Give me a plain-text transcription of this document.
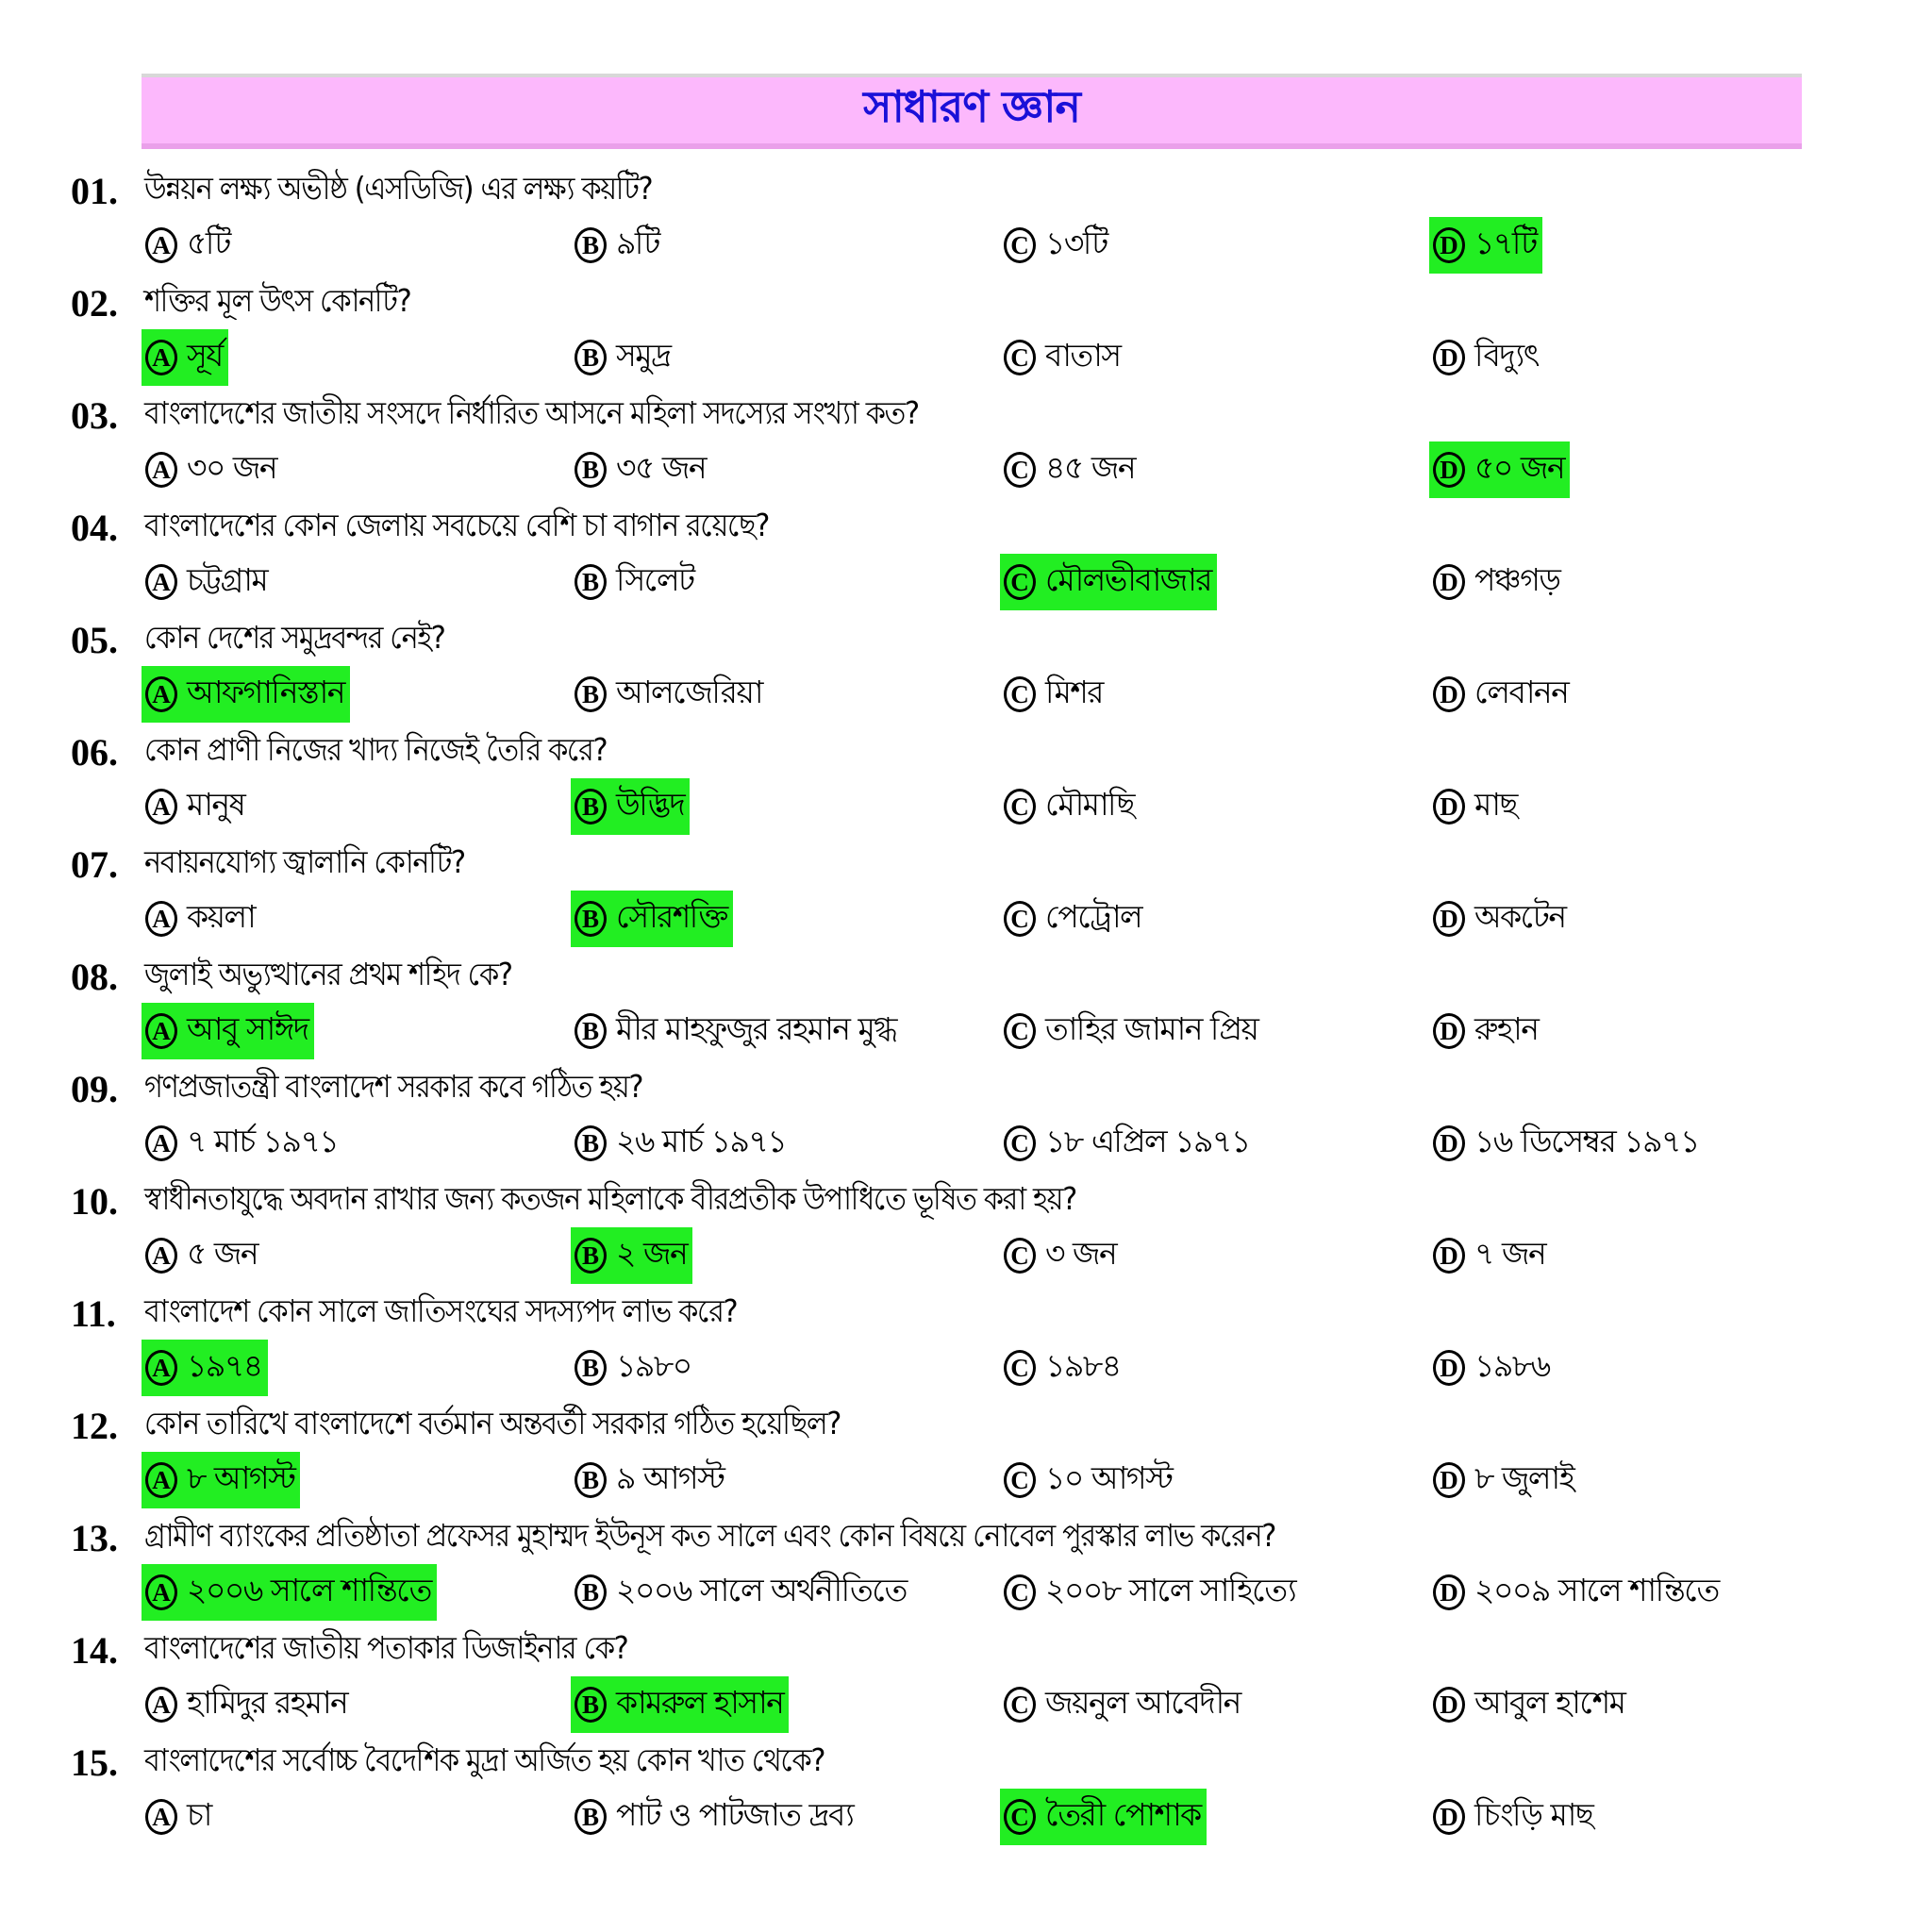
সাধারণ জ্ঞান
01. উন্নয়ন লক্ষ্য অভীষ্ঠ (এসডিজি) এর লক্ষ্য কয়টি?
A ৫টি	B ৯টি	C ১৩টি	D ১৭টি
02. শক্তির মূল উৎস কোনটি?
A সূর্য	B সমুদ্র	C বাতাস	D বিদ্যুৎ
03. বাংলাদেশের জাতীয় সংসদে নির্ধারিত আসনে মহিলা সদস্যের সংখ্যা কত?
A ৩০ জন	B ৩৫ জন	C ৪৫ জন	D ৫০ জন
04. বাংলাদেশের কোন জেলায় সবচেয়ে বেশি চা বাগান রয়েছে?
A চট্টগ্রাম	B সিলেট	C মৌলভীবাজার	D পঞ্চগড়
05. কোন দেশের সমুদ্রবন্দর নেই?
A আফগানিস্তান	B আলজেরিয়া	C মিশর	D লেবানন
06. কোন প্রাণী নিজের খাদ্য নিজেই তৈরি করে?
A মানুষ	B উদ্ভিদ	C মৌমাছি	D মাছ
07. নবায়নযোগ্য জ্বালানি কোনটি?
A কয়লা	B সৌরশক্তি	C পেট্রোল	D অকটেন
08. জুলাই অভ্যুত্থানের প্রথম শহিদ কে?
A আবু সাঈদ	B মীর মাহফুজুর রহমান মুগ্ধ	C তাহির জামান প্রিয়	D রুহান
09. গণপ্রজাতন্ত্রী বাংলাদেশ সরকার কবে গঠিত হয়?
A ৭ মার্চ ১৯৭১	B ২৬ মার্চ ১৯৭১	C ১৮ এপ্রিল ১৯৭১	D ১৬ ডিসেম্বর ১৯৭১
10. স্বাধীনতাযুদ্ধে অবদান রাখার জন্য কতজন মহিলাকে বীরপ্রতীক উপাধিতে ভূষিত করা হয়?
A ৫ জন	B ২ জন	C ৩ জন	D ৭ জন
11. বাংলাদেশ কোন সালে জাতিসংঘের সদস্যপদ লাভ করে?
A ১৯৭৪	B ১৯৮০	C ১৯৮৪	D ১৯৮৬
12. কোন তারিখে বাংলাদেশে বর্তমান অন্তবর্তী সরকার গঠিত হয়েছিল?
A ৮ আগস্ট	B ৯ আগস্ট	C ১০ আগস্ট	D ৮ জুলাই
13. গ্রামীণ ব্যাংকের প্রতিষ্ঠাতা প্রফেসর মুহাম্মদ ইউনূস কত সালে এবং কোন বিষয়ে নোবেল পুরস্কার লাভ করেন?
A ২০০৬ সালে শান্তিতে	B ২০০৬ সালে অর্থনীতিতে	C ২০০৮ সালে সাহিত্যে	D ২০০৯ সালে শান্তিতে
14. বাংলাদেশের জাতীয় পতাকার ডিজাইনার কে?
A হামিদুর রহমান	B কামরুল হাসান	C জয়নুল আবেদীন	D আবুল হাশেম
15. বাংলাদেশের সর্বোচ্চ বৈদেশিক মুদ্রা অর্জিত হয় কোন খাত থেকে?
A চা	B পাট ও পাটজাত দ্রব্য	C তৈরী পোশাক	D চিংড়ি মাছ
